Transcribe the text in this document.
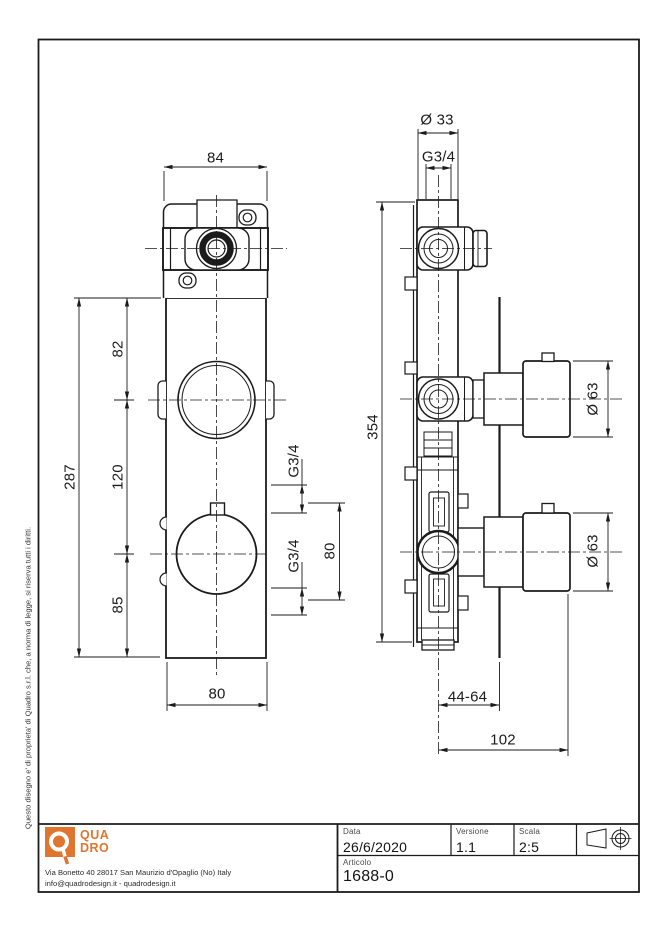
84
287
82
120
85
80
G3/4
G3/4 80
Ø 33
G3/4
354
Ø 63
Ø 63
44-64
102
Questo disegno e' di proprieta' di Quadro s.r.l. che, a norma di legge, si riserva tutti i diritti.
QUA
DRO
Via Bonetto 40 28017 San Maurizio d'Opaglio (No) Italy
info@quadrodesign.it - quadrodesign.it
Data
26/6/2020
Versione
1.1
Scala
2:5
Articolo
1688-0
